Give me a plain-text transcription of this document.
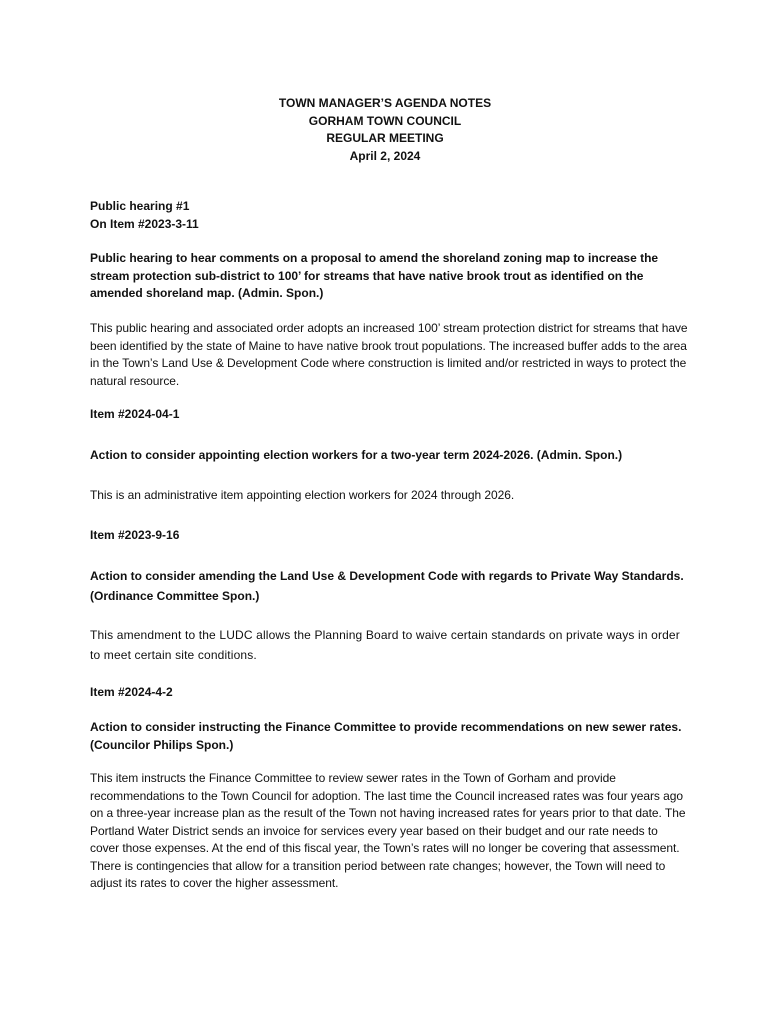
TOWN MANAGER’S AGENDA NOTES
GORHAM TOWN COUNCIL
REGULAR MEETING
April 2, 2024
Public hearing #1
On Item #2023-3-11
Public hearing to hear comments on a proposal to amend the shoreland zoning map to increase the stream protection sub-district to 100’ for streams that have native brook trout as identified on the amended shoreland map. (Admin. Spon.)
This public hearing and associated order adopts an increased 100’ stream protection district for streams that have been identified by the state of Maine to have native brook trout populations. The increased buffer adds to the area in the Town’s Land Use & Development Code where construction is limited and/or restricted in ways to protect the natural resource.
Item #2024-04-1
Action to consider appointing election workers for a two-year term 2024-2026. (Admin. Spon.)
This is an administrative item appointing election workers for 2024 through 2026.
Item #2023-9-16
Action to consider amending the Land Use & Development Code with regards to Private Way Standards. (Ordinance Committee Spon.)
This amendment to the LUDC allows the Planning Board to waive certain standards on private ways in order to meet certain site conditions.
Item #2024-4-2
Action to consider instructing the Finance Committee to provide recommendations on new sewer rates. (Councilor Philips Spon.)
This item instructs the Finance Committee to review sewer rates in the Town of Gorham and provide recommendations to the Town Council for adoption. The last time the Council increased rates was four years ago on a three-year increase plan as the result of the Town not having increased rates for years prior to that date. The Portland Water District sends an invoice for services every year based on their budget and our rate needs to cover those expenses. At the end of this fiscal year, the Town’s rates will no longer be covering that assessment. There is contingencies that allow for a transition period between rate changes; however, the Town will need to adjust its rates to cover the higher assessment.
